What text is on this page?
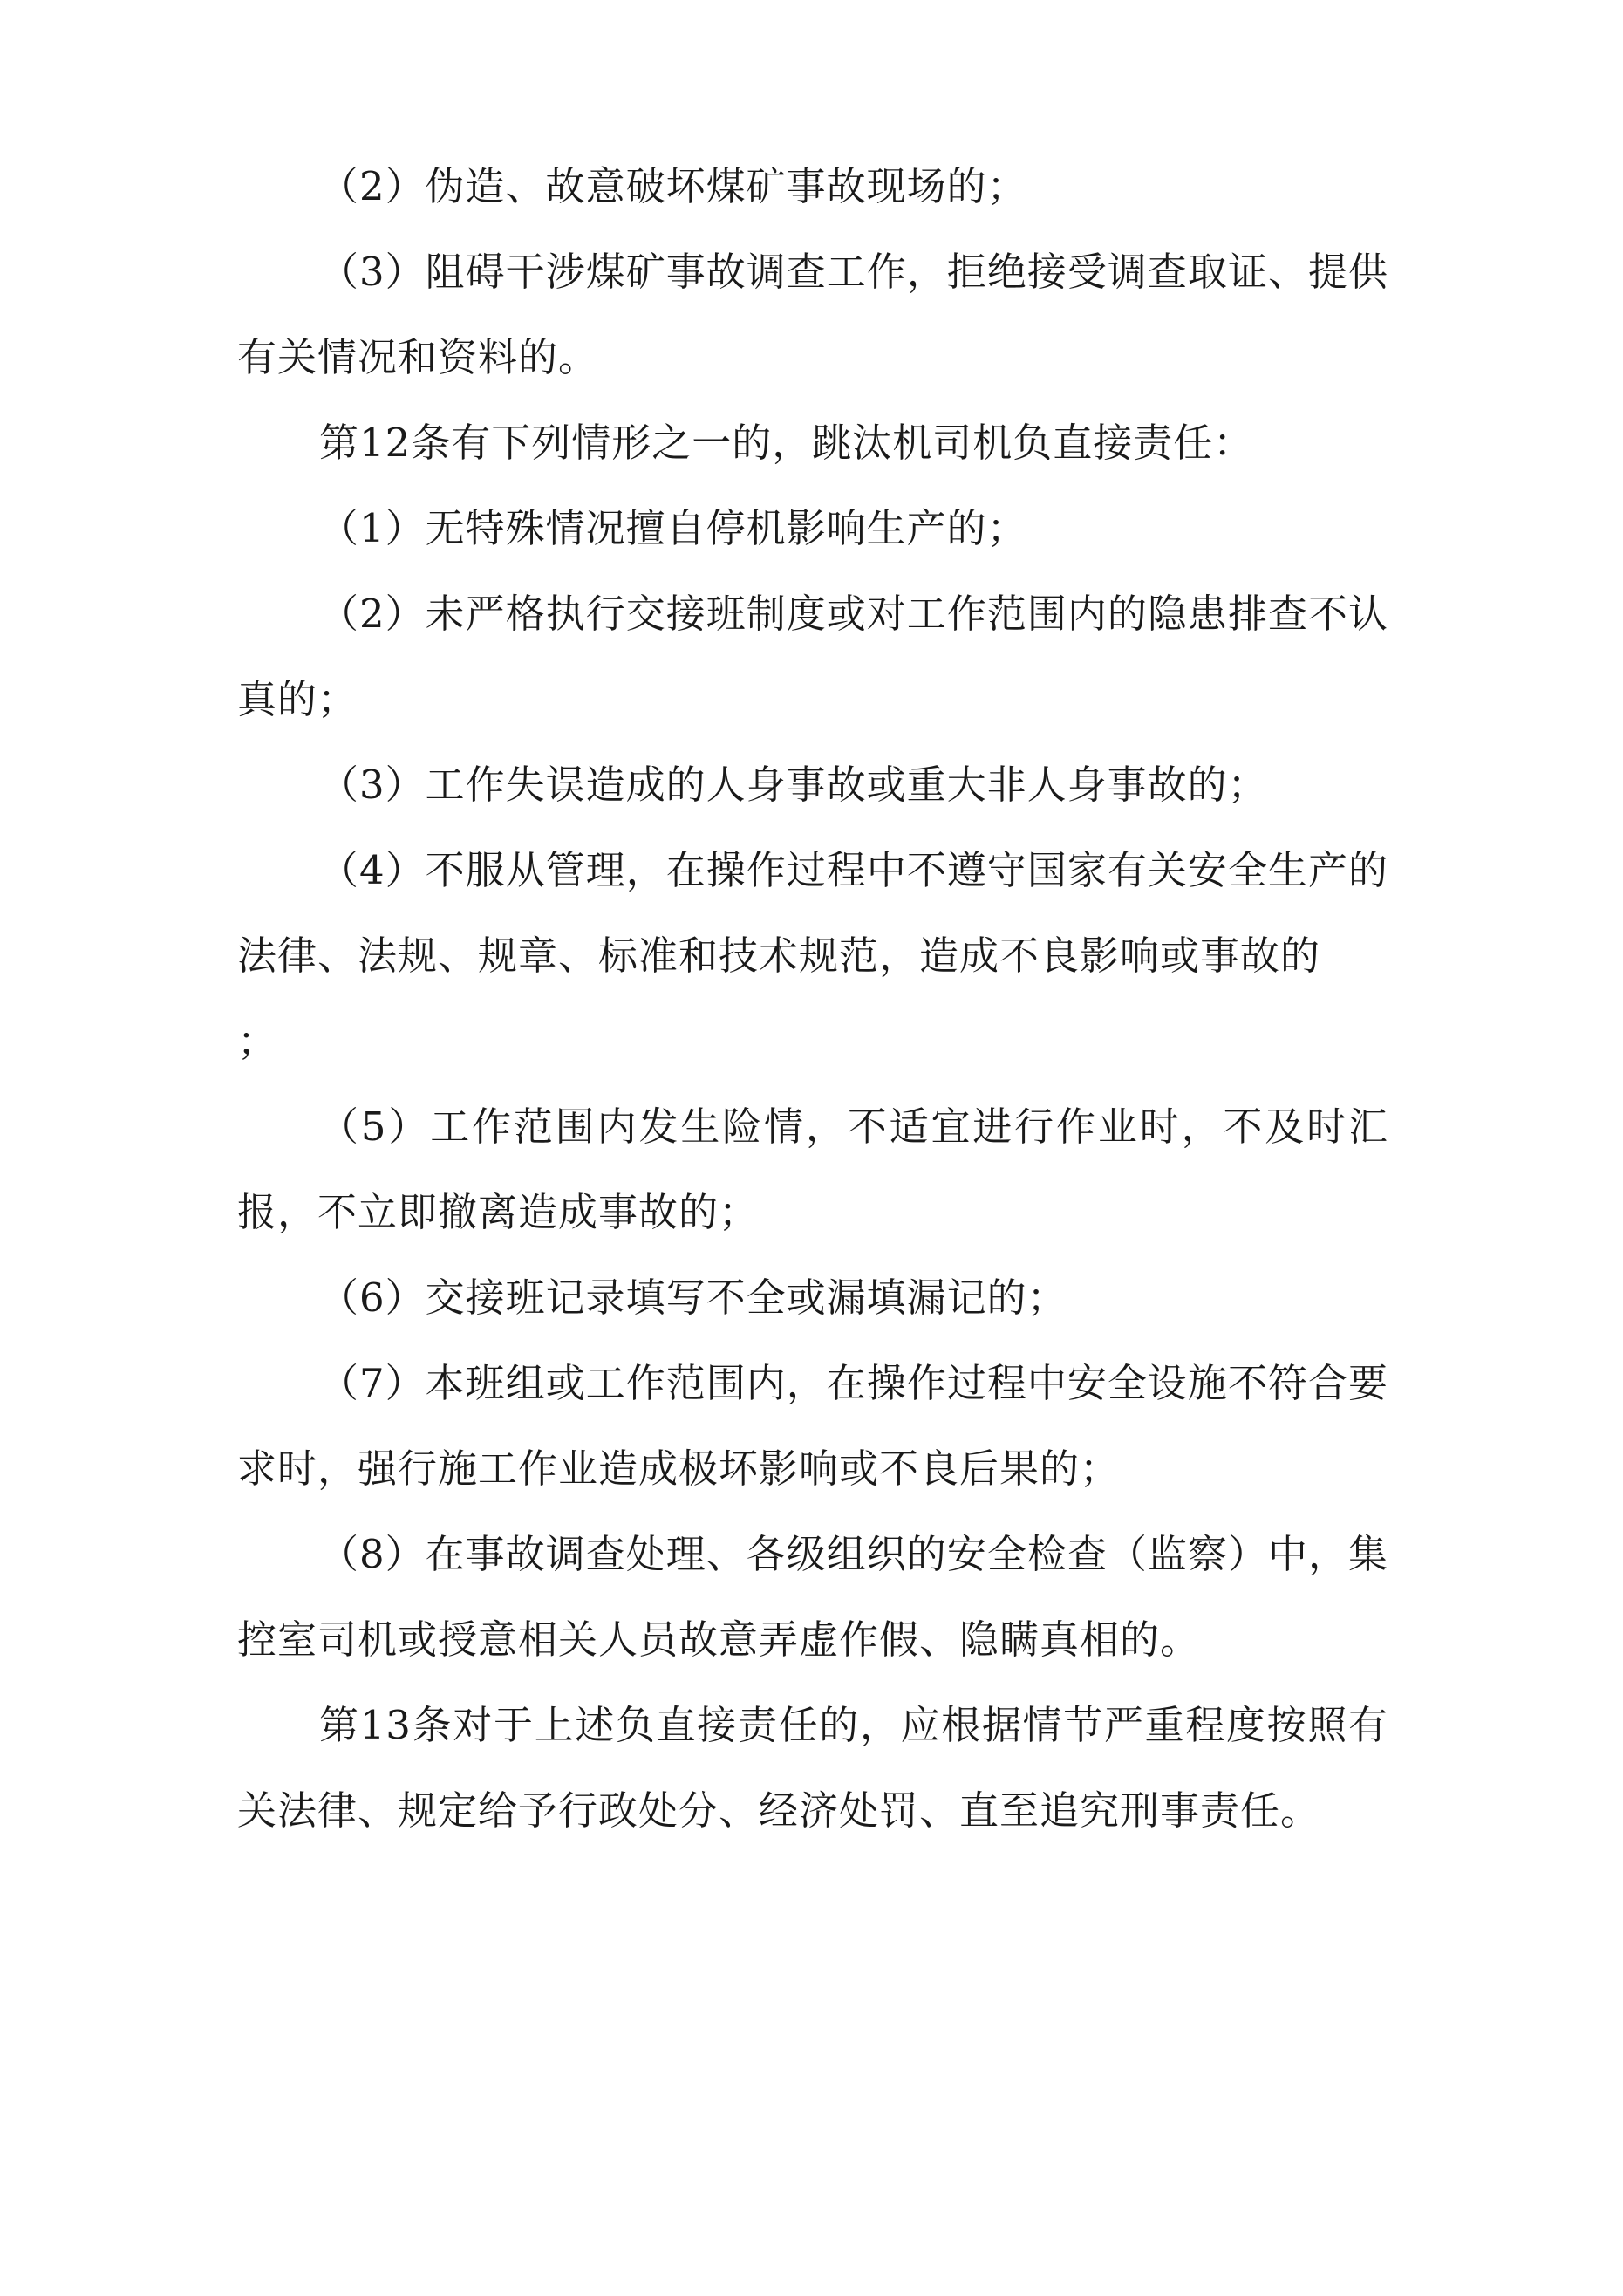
（2）伪造、故意破坏煤矿事故现场的；

（3）阻碍干涉煤矿事故调查工作，拒绝接受调查取证、提供有关情况和资料的。

第12条有下列情形之一的，跳汰机司机负直接责任：

（1）无特殊情况擅自停机影响生产的；

（2）未严格执行交接班制度或对工作范围内的隐患排查不认真的；

（3）工作失误造成的人身事故或重大非人身事故的；

（4）不服从管理，在操作过程中不遵守国家有关安全生产的法律、法规、规章、标准和技术规范，造成不良影响或事故的

；

（5）工作范围内发生险情，不适宜进行作业时，不及时汇报，不立即撤离造成事故的；

（6）交接班记录填写不全或漏填漏记的；

（7）本班组或工作范围内，在操作过程中安全设施不符合要求时，强行施工作业造成极坏影响或不良后果的；

（8）在事故调查处理、各级组织的安全检查（监察）中，集控室司机或授意相关人员故意弄虚作假、隐瞒真相的。

第13条对于上述负直接责任的，应根据情节严重程度按照有关法律、规定给予行政处分、经济处罚、直至追究刑事责任。
